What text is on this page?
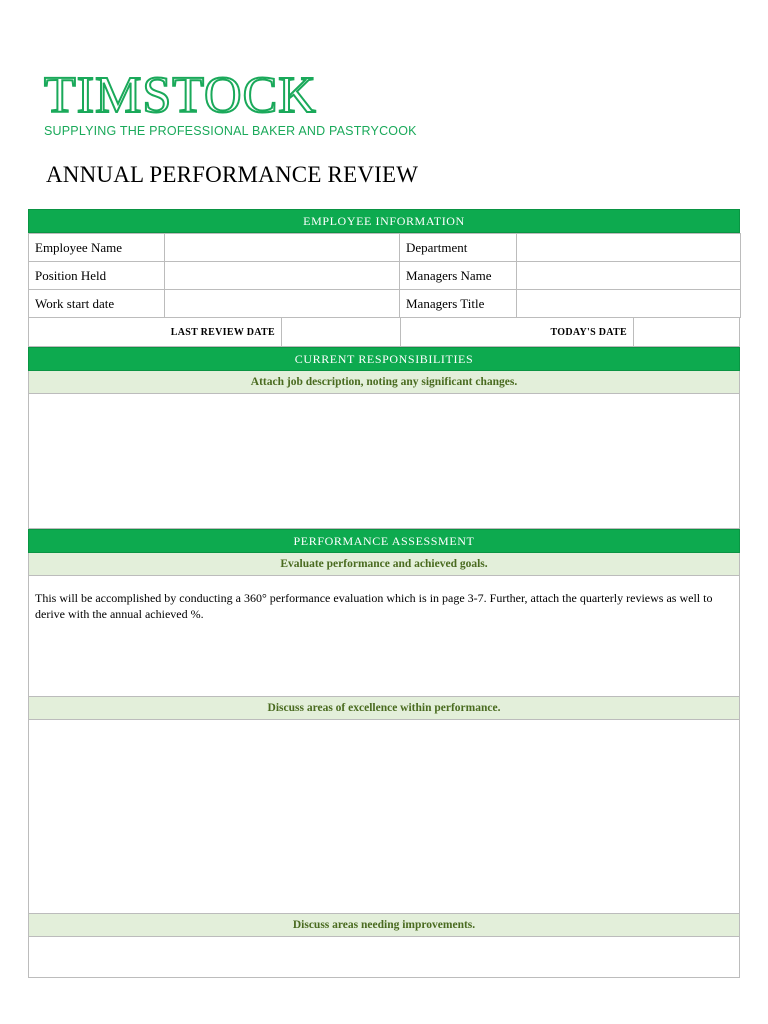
TIMSTOCK
SUPPLYING THE PROFESSIONAL BAKER AND PASTRYCOOK
ANNUAL PERFORMANCE REVIEW
EMPLOYEE INFORMATION
Employee Name		Department	
Position Held		Managers Name	
Work start date		Managers Title	
LAST REVIEW DATE	TODAY'S DATE
CURRENT RESPONSIBILITIES
Attach job description, noting any significant changes.
PERFORMANCE ASSESSMENT
Evaluate performance and achieved goals.
This will be accomplished by conducting a 360° performance evaluation which is in page 3-7. Further, attach the quarterly reviews as well to derive with the annual achieved %.
Discuss areas of excellence within performance.
Discuss areas needing improvements.
